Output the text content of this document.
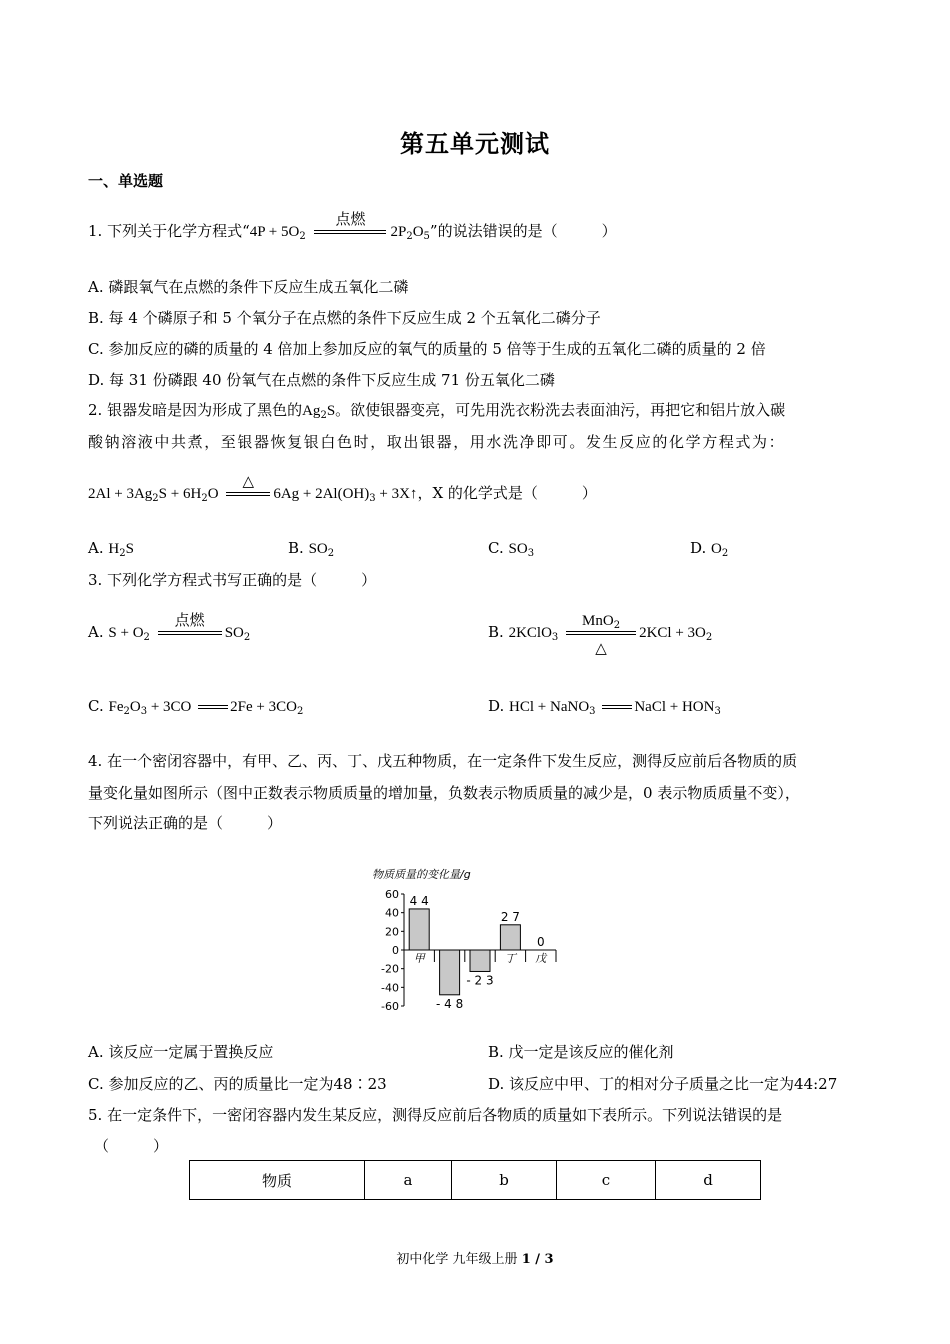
第五单元测试
一、单选题
1. 下列关于化学方程式“$4P + 5O_2$
点燃
$2P_2O_5$”的说法错误的是（	）
A. 磷跟氧气在点燃的条件下反应生成五氧化二磷
B. 每 4 个磷原子和 5 个氧分子在点燃的条件下反应生成 2 个五氧化二磷分子
C. 参加反应的磷的质量的 4 倍加上参加反应的氧气的质量的 5 倍等于生成的五氧化二磷的质量的 2 倍
D. 每 31 份磷跟 40 份氧气在点燃的条件下反应生成 71 份五氧化二磷
2. 银器发暗是因为形成了黑色的$Ag_2S$。欲使银器变亮，可先用洗衣粉洗去表面油污，再把它和铝片放入碳
酸钠溶液中共煮，至银器恢复银白色时，取出银器，用水洗净即可。发生反应的化学方程式为：
$2Al + 3Ag_2S + 6H_2O$
△
$6Ag + 2Al(OH)_3$ + 3X↑，X 的化学式是（	）
A. $H_2S$	B. $SO_2$	C. $SO_3$	D. $O_2$
3. 下列化学方程式书写正确的是（	）
A. $S + O_2$
点燃
$SO_2$	B. 2KClO$_3$
MnO$_2$
△
$2KCl + 3O_2$
C. $Fe_2O_3 + 3CO$	$2Fe + 3CO_2$	D. HCl + NaNO$_3$	NaCl + $HON_3$
4. 在一个密闭容器中，有甲、乙、丙、丁、戊五种物质，在一定条件下发生反应，测得反应前后各物质的质
量变化量如图所示（图中正数表示物质质量的增加量，负数表示物质质量的减少是，0 表示物质质量不变），
下列说法正确的是（	）
物质质量的变化量/g
60
40
20
0
-20
-40
-60
甲	丁 戊
4 4
- 4 8
- 2 3
2 7
0
A. 该反应一定属于置换反应	B. 戊一定是该反应的催化剂
C. 参加反应的乙、丙的质量比一定为48∶23	D. 该反应中甲、丁的相对分子质量之比一定为44:27
5. 在一定条件下，一密闭容器内发生某反应，测得反应前后各物质的质量如下表所示。下列说法错误的是
（	）
物质	a	b	c	d
初中化学 九年级上册 1 / 3
